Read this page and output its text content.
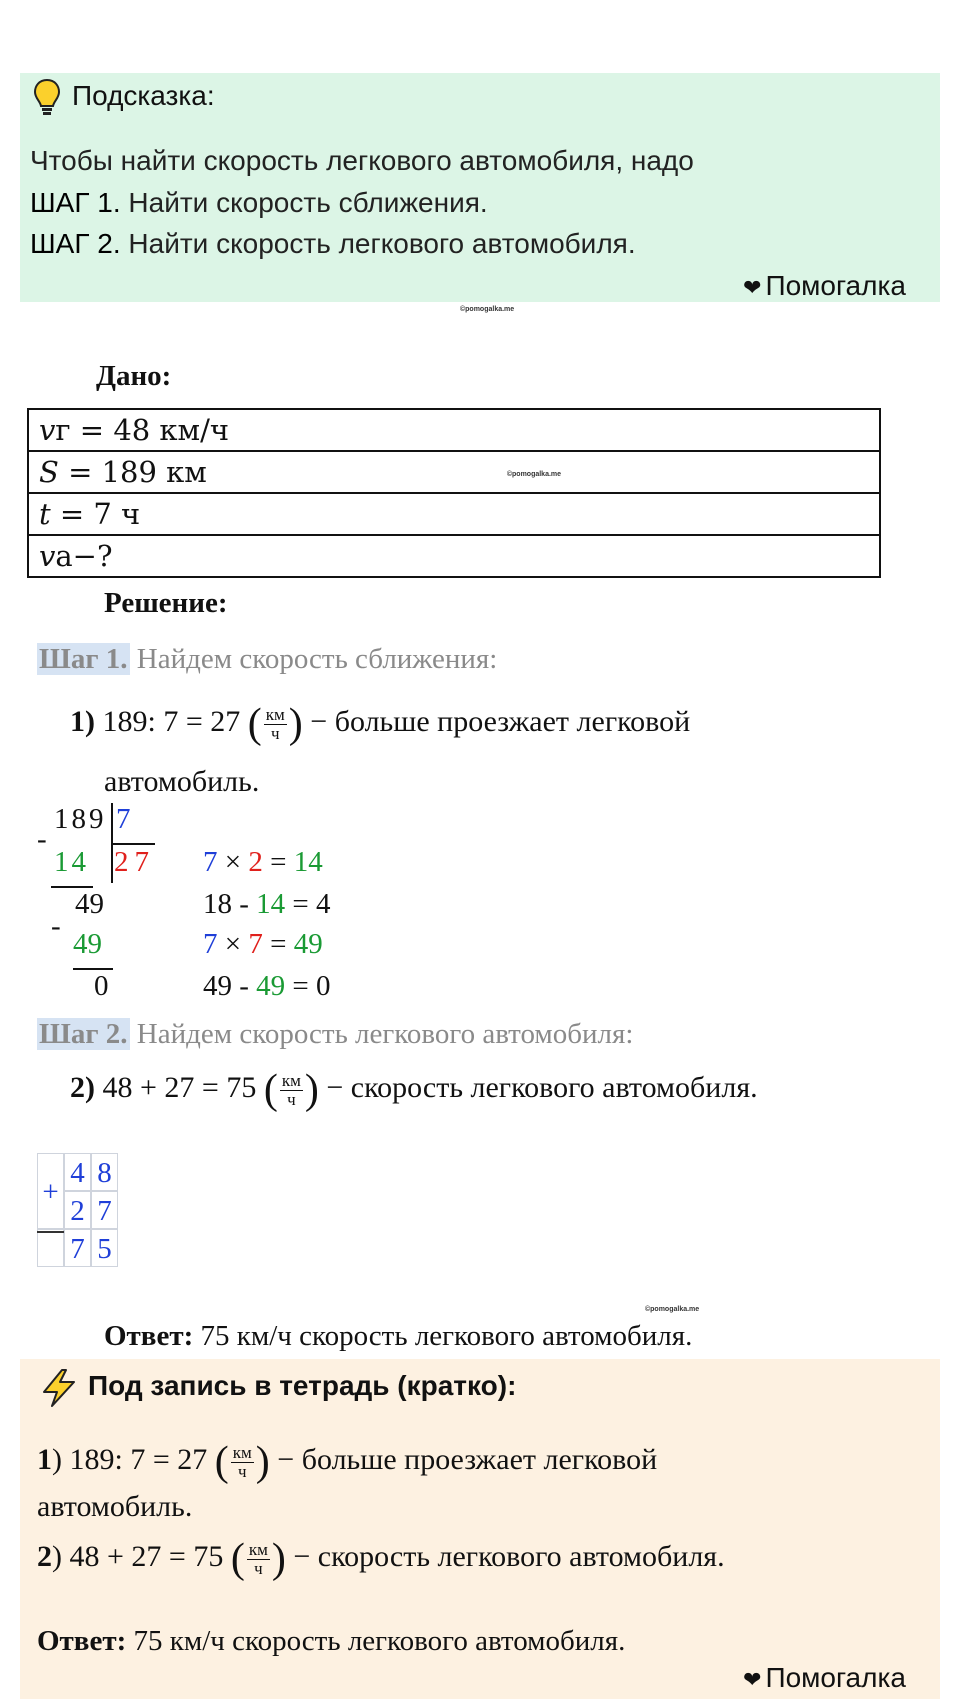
Подсказка:
Чтобы найти скорость легкового автомобиля, надо
ШАГ 1. Найти скорость сближения.
ШАГ 2. Найти скорость легкового автомобиля.
❤ Помогалка
©pomogalka.me
Дано:
𝑣г = 48 км/ч
𝑆 = 189 км	©pomogalka.me
𝑡 = 7 ч
𝑣а−?
Решение:
Шаг 1. Найдем скорость сближения:
1) 189: 7 = 27 ( $\frac{км}{ч}$ ) − больше проезжает легковой
автомобиль.
189 7
-
14 27
49
-
49
0
7 × 2 = 14
18 - 14 = 4
7 × 7 = 49
49 - 49 = 0
Шаг 2. Найдем скорость легкового автомобиля:
2) 48 + 27 = 75 ( $\frac{км}{ч}$ ) − скорость легкового автомобиля.
+
4 8
2 7
7 5
©pomogalka.me
Ответ: 75 км/ч скорость легкового автомобиля.
Под запись в тетрадь (кратко):
1) 189: 7 = 27 ( $\frac{км}{ч}$ ) − больше проезжает легковой
автомобиль.
2) 48 + 27 = 75 ( $\frac{км}{ч}$ ) − скорость легкового автомобиля.
Ответ: 75 км/ч скорость легкового автомобиля.
❤ Помогалка
